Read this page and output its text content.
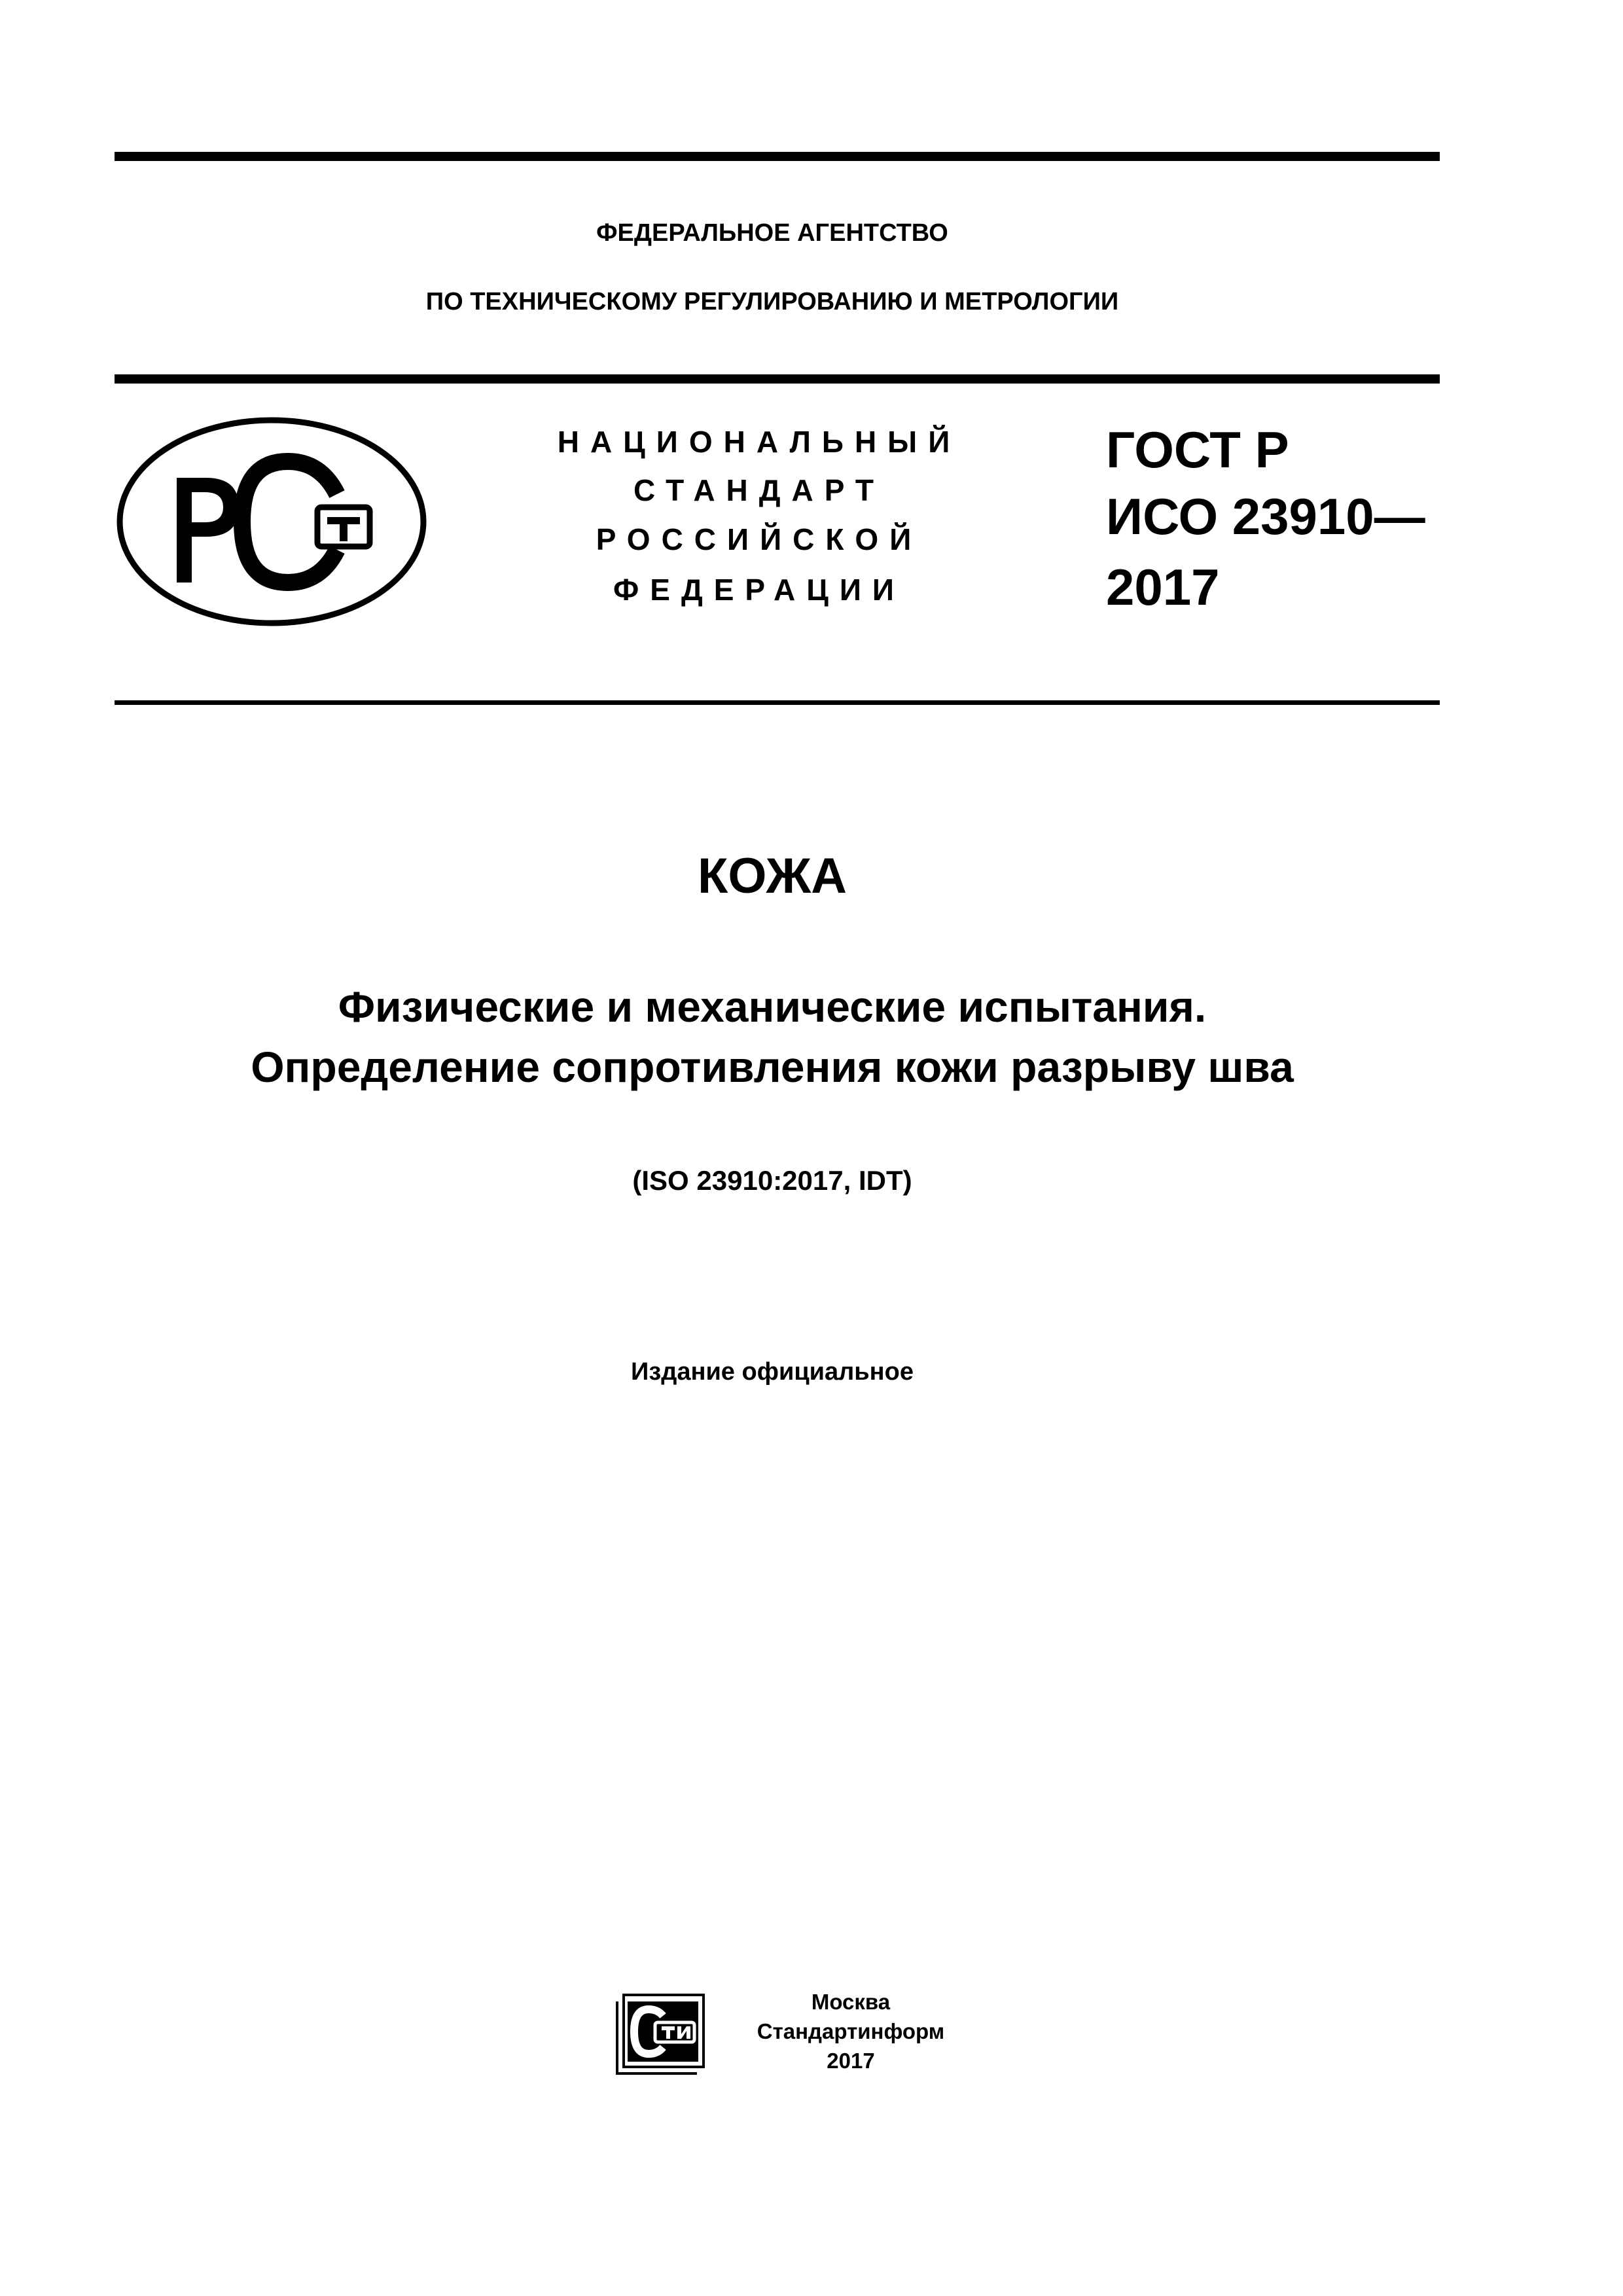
ФЕДЕРАЛЬНОЕ АГЕНТСТВО
ПО ТЕХНИЧЕСКОМУ РЕГУЛИРОВАНИЮ И МЕТРОЛОГИИ
НАЦИОНАЛЬНЫЙ
СТАНДАРТ
РОССИЙСКОЙ
ФЕДЕРАЦИИ
ГОСТ Р
ИСО 23910—
2017
КОЖА
Физические и механические испытания.
Определение сопротивления кожи разрыву шва
(ISO 23910:2017, IDT)
Издание официальное
Москва
Стандартинформ
2017
